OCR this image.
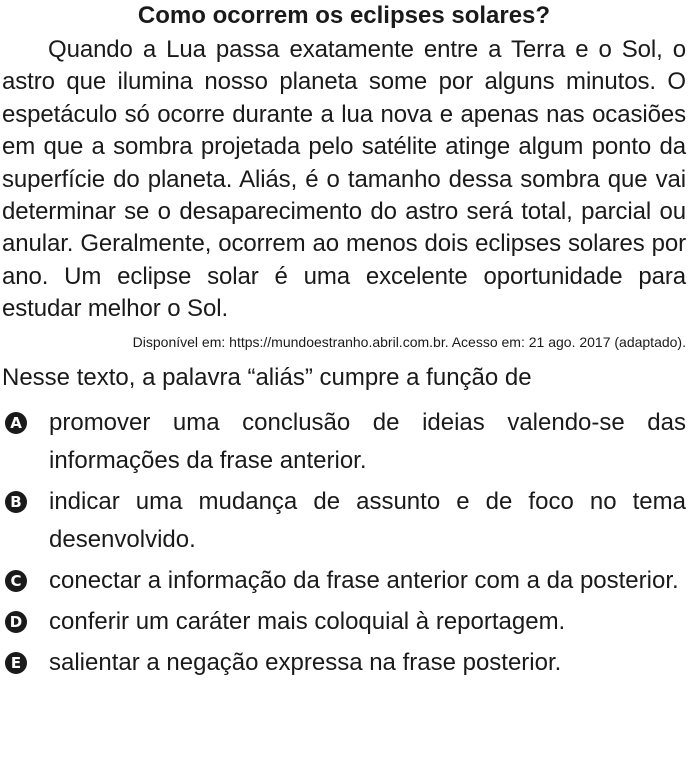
Como ocorrem os eclipses solares?

Quando a Lua passa exatamente entre a Terra e o Sol, o astro que ilumina nosso planeta some por alguns minutos. O espetáculo só ocorre durante a lua nova e apenas nas ocasiões em que a sombra projetada pelo satélite atinge algum ponto da superfície do planeta. Aliás, é o tamanho dessa sombra que vai determinar se o desaparecimento do astro será total, parcial ou anular. Geralmente, ocorrem ao menos dois eclipses solares por ano. Um eclipse solar é uma excelente oportunidade para estudar melhor o Sol.

Disponível em: https://mundoestranho.abril.com.br. Acesso em: 21 ago. 2017 (adaptado).

Nesse texto, a palavra “aliás” cumpre a função de

A promover uma conclusão de ideias valendo-se das informações da frase anterior.
B indicar uma mudança de assunto e de foco no tema desenvolvido.
C conectar a informação da frase anterior com a da posterior.
D conferir um caráter mais coloquial à reportagem.
E salientar a negação expressa na frase posterior.
